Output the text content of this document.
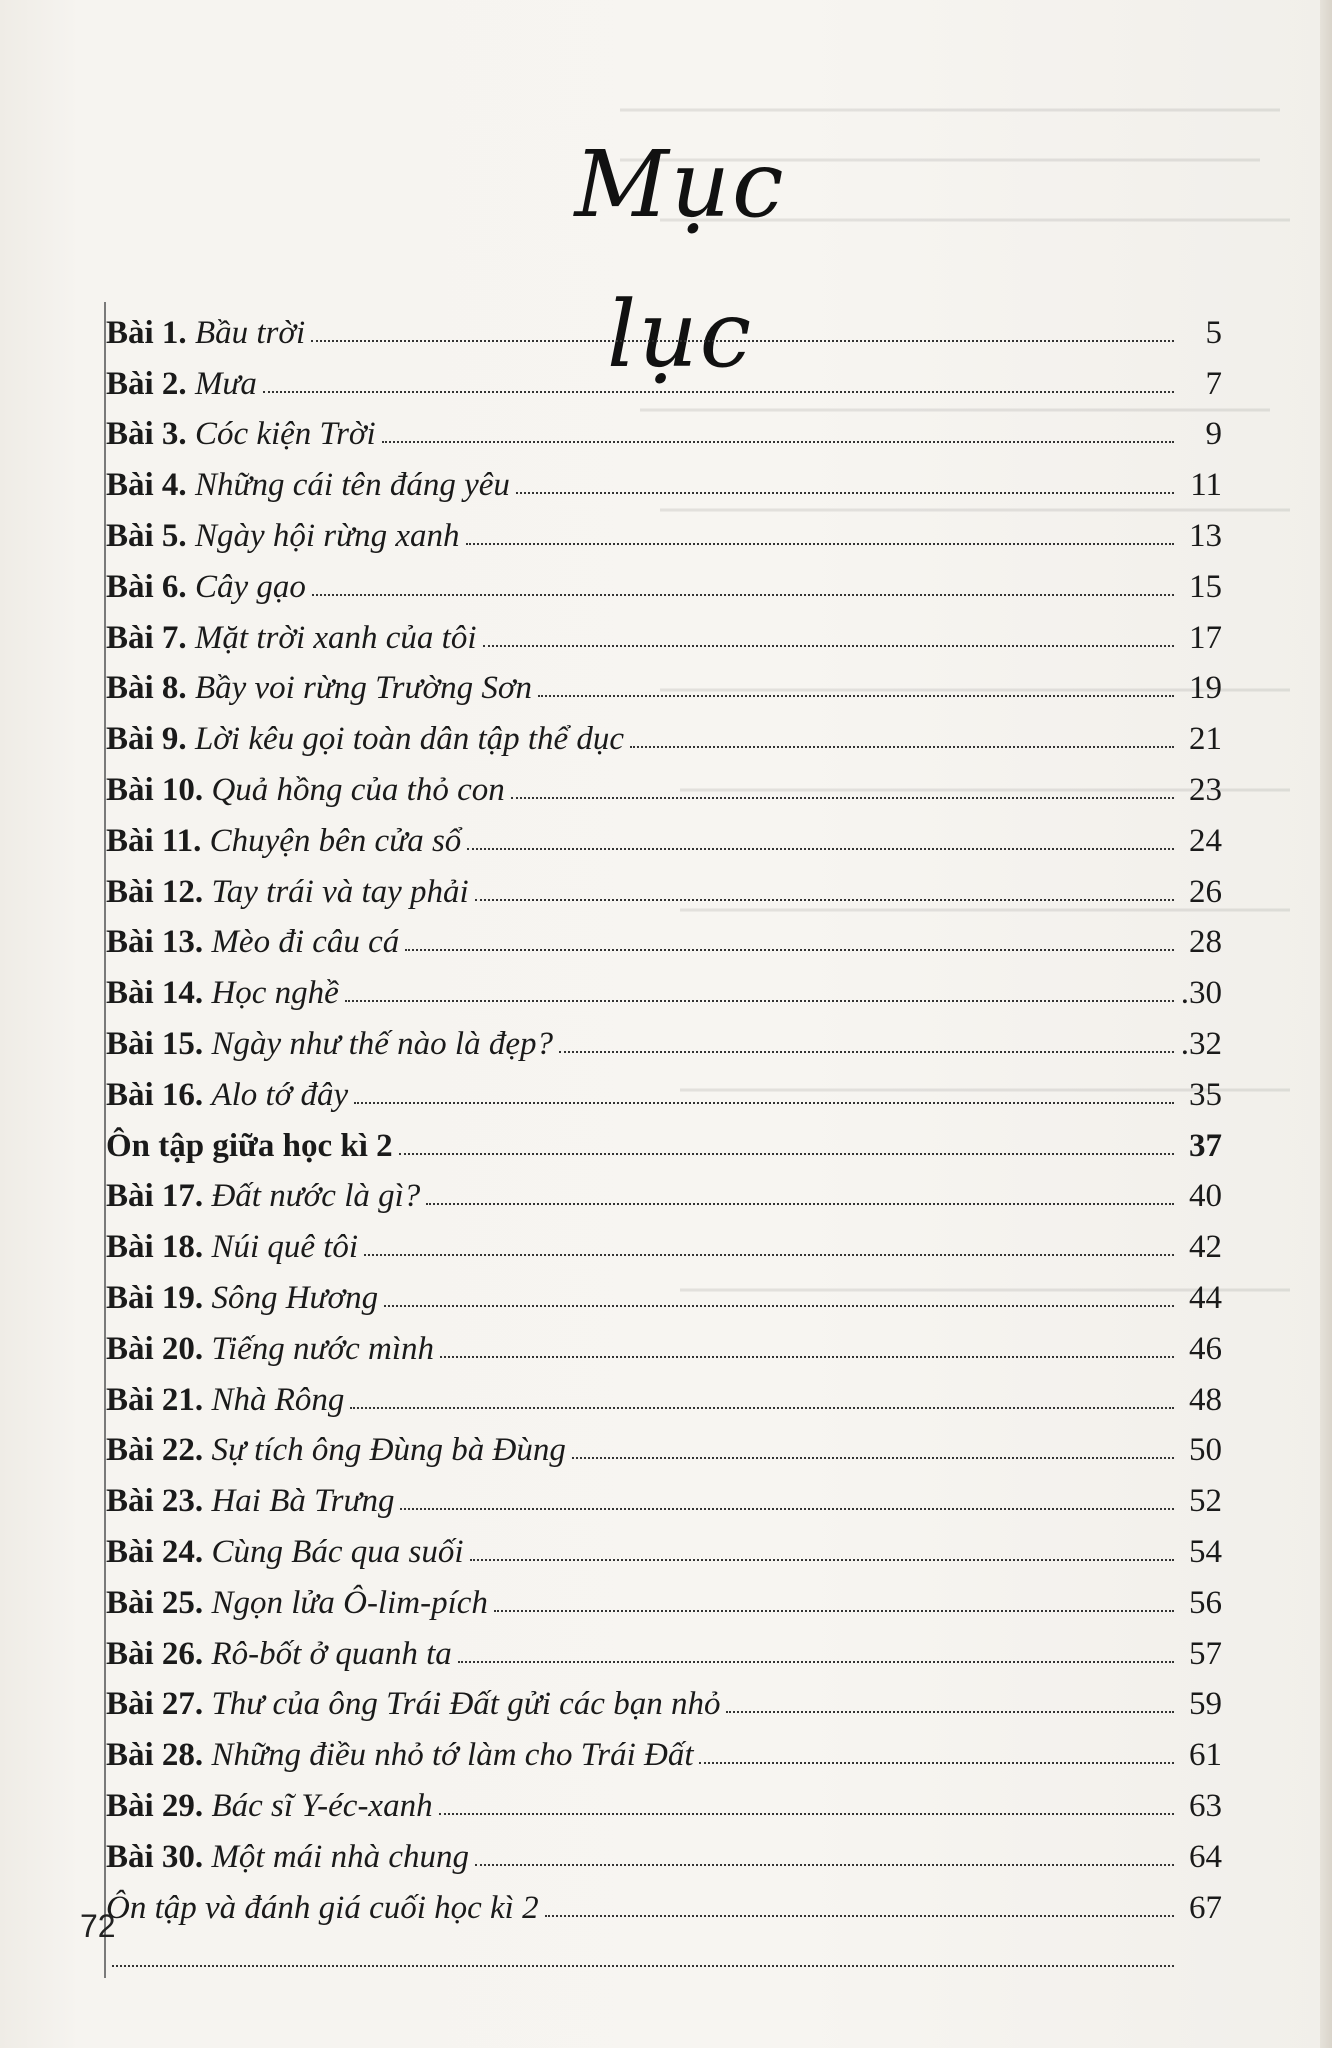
Mục lục
Bài 1. Bầu trời	5
Bài 2. Mưa	7
Bài 3. Cóc kiện Trời	9
Bài 4. Những cái tên đáng yêu	11
Bài 5. Ngày hội rừng xanh	13
Bài 6. Cây gạo	15
Bài 7. Mặt trời xanh của tôi	17
Bài 8. Bầy voi rừng Trường Sơn	19
Bài 9. Lời kêu gọi toàn dân tập thể dục	21
Bài 10. Quả hồng của thỏ con	23
Bài 11. Chuyện bên cửa sổ	24
Bài 12. Tay trái và tay phải	26
Bài 13. Mèo đi câu cá	28
Bài 14. Học nghề	.30
Bài 15. Ngày như thế nào là đẹp?	.32
Bài 16. Alo tớ đây	35
Ôn tập giữa học kì 2	37
Bài 17. Đất nước là gì?	40
Bài 18. Núi quê tôi	42
Bài 19. Sông Hương	44
Bài 20. Tiếng nước mình	46
Bài 21. Nhà Rông	48
Bài 22. Sự tích ông Đùng bà Đùng	50
Bài 23. Hai Bà Trưng	52
Bài 24. Cùng Bác qua suối	54
Bài 25. Ngọn lửa Ô-lim-pích	56
Bài 26. Rô-bốt ở quanh ta	57
Bài 27. Thư của ông Trái Đất gửi các bạn nhỏ	59
Bài 28. Những điều nhỏ tớ làm cho Trái Đất	61
Bài 29. Bác sĩ Y-éc-xanh	63
Bài 30. Một mái nhà chung	64
Ôn tập và đánh giá cuối học kì 2	67
72
